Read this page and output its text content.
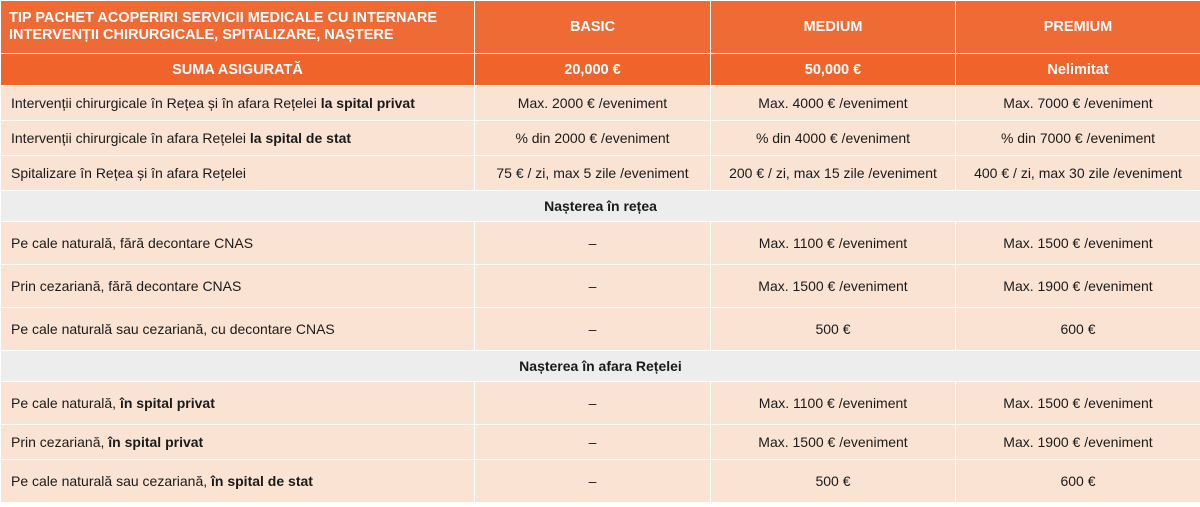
TIP PACHET ACOPERIRI SERVICII MEDICALE CU INTERNARE
INTERVENȚII CHIRURGICALE, SPITALIZARE, NAȘTERE	BASIC	MEDIUM	PREMIUM
SUMA ASIGURATĂ	20,000 €	50,000 €	Nelimitat
Intervenții chirurgicale în Rețea și în afara Rețelei la spital privat	Max. 2000 € /eveniment	Max. 4000 € /eveniment	Max. 7000 € /eveniment
Intervenții chirurgicale în afara Rețelei la spital de stat	% din 2000 € /eveniment	% din 4000 € /eveniment	% din 7000 € /eveniment
Spitalizare în Rețea și în afara Rețelei	75 € / zi, max 5 zile /eveniment	200 € / zi, max 15 zile /eveniment	400 € / zi, max 30 zile /eveniment
Nașterea în rețea			
Pe cale naturală, fără decontare CNAS	–	Max. 1100 € /eveniment	Max. 1500 € /eveniment
Prin cezariană, fără decontare CNAS	–	Max. 1500 € /eveniment	Max. 1900 € /eveniment
Pe cale naturală sau cezariană, cu decontare CNAS	–	500 €	600 €
Nașterea în afara Rețelei			
Pe cale naturală, în spital privat	–	Max. 1100 € /eveniment	Max. 1500 € /eveniment
Prin cezariană, în spital privat	–	Max. 1500 € /eveniment	Max. 1900 € /eveniment
Pe cale naturală sau cezariană, în spital de stat	–	500 €	600 €
